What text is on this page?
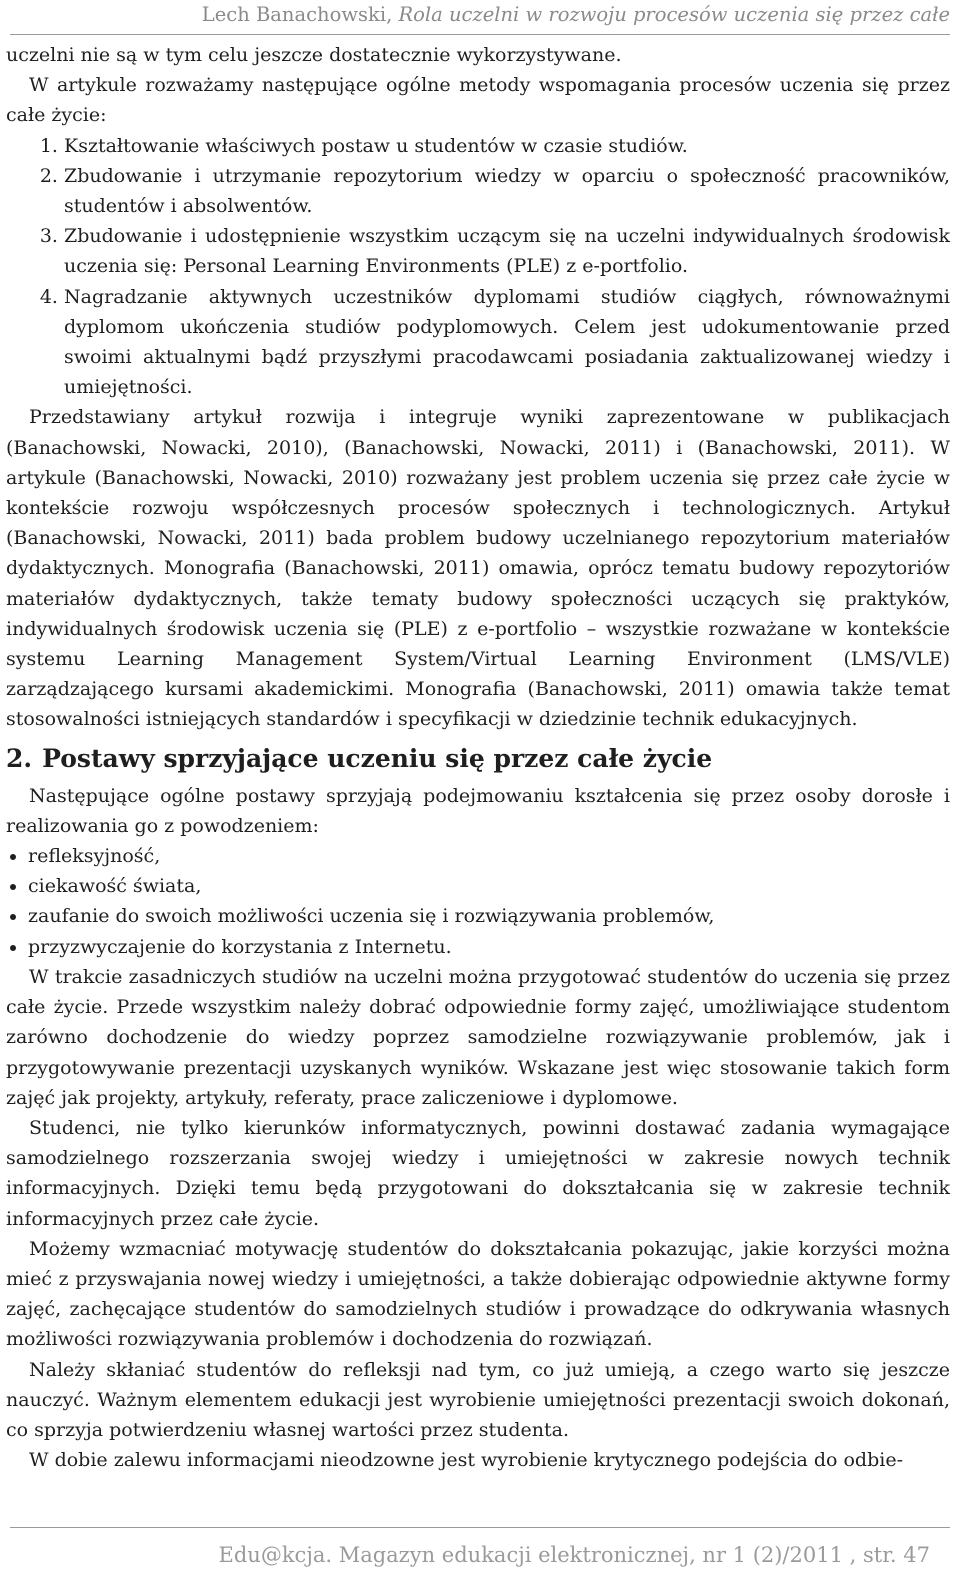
Lech Banachowski, Rola uczelni w rozwoju procesów uczenia się przez całe

uczelni nie są w tym celu jeszcze dostatecznie wykorzystywane.

W artykule rozważamy następujące ogólne metody wspomagania procesów uczenia się przez całe życie:

1. Kształtowanie właściwych postaw u studentów w czasie studiów.
2. Zbudowanie i utrzymanie repozytorium wiedzy w oparciu o społeczność pracowników, studentów i absolwentów.
3. Zbudowanie i udostępnienie wszystkim uczącym się na uczelni indywidualnych środowisk uczenia się: Personal Learning Environments (PLE) z e-portfolio.
4. Nagradzanie aktywnych uczestników dyplomami studiów ciągłych, równoważnymi dyplomom ukończenia studiów podyplomowych. Celem jest udokumentowanie przed swoimi aktualnymi bądź przyszłymi pracodawcami posiadania zaktualizowanej wiedzy i umiejętności.

Przedstawiany artykuł rozwija i integruje wyniki zaprezentowane w publikacjach (Banachowski, Nowacki, 2010), (Banachowski, Nowacki, 2011) i (Banachowski, 2011). W artykule (Banachowski, Nowacki, 2010) rozważany jest problem uczenia się przez całe życie w kontekście rozwoju współczesnych procesów społecznych i technologicznych. Artykuł (Banachowski, Nowacki, 2011) bada problem budowy uczelnianego repozytorium materiałów dydaktycznych. Monografia (Banachowski, 2011) omawia, oprócz tematu budowy repozytoriów materiałów dydaktycznych, także tematy budowy społeczności uczących się praktyków, indywidualnych środowisk uczenia się (PLE) z e-portfolio – wszystkie rozważane w kontekście systemu Learning Management System/Virtual Learning Environment (LMS/VLE) zarządzającego kursami akademickimi. Monografia (Banachowski, 2011) omawia także temat stosowalności istniejących standardów i specyfikacji w dziedzinie technik edukacyjnych.

2. Postawy sprzyjające uczeniu się przez całe życie

Następujące ogólne postawy sprzyjają podejmowaniu kształcenia się przez osoby dorosłe i realizowania go z powodzeniem:

• refleksyjność,
• ciekawość świata,
• zaufanie do swoich możliwości uczenia się i rozwiązywania problemów,
• przyzwyczajenie do korzystania z Internetu.

W trakcie zasadniczych studiów na uczelni można przygotować studentów do uczenia się przez całe życie. Przede wszystkim należy dobrać odpowiednie formy zajęć, umożliwiające studentom zarówno dochodzenie do wiedzy poprzez samodzielne rozwiązywanie problemów, jak i przygotowywanie prezentacji uzyskanych wyników. Wskazane jest więc stosowanie takich form zajęć jak projekty, artykuły, referaty, prace zaliczeniowe i dyplomowe.

Studenci, nie tylko kierunków informatycznych, powinni dostawać zadania wymagające samodzielnego rozszerzania swojej wiedzy i umiejętności w zakresie nowych technik informacyjnych. Dzięki temu będą przygotowani do dokształcania się w zakresie technik informacyjnych przez całe życie.

Możemy wzmacniać motywację studentów do dokształcania pokazując, jakie korzyści można mieć z przyswajania nowej wiedzy i umiejętności, a także dobierając odpowiednie aktywne formy zajęć, zachęcające studentów do samodzielnych studiów i prowadzące do odkrywania własnych możliwości rozwiązywania problemów i dochodzenia do rozwiązań.

Należy skłaniać studentów do refleksji nad tym, co już umieją, a czego warto się jeszcze nauczyć. Ważnym elementem edukacji jest wyrobienie umiejętności prezentacji swoich dokonań, co sprzyja potwierdzeniu własnej wartości przez studenta.

W dobie zalewu informacjami nieodzowne jest wyrobienie krytycznego podejścia do odbie-

Edu@kcja. Magazyn edukacji elektronicznej, nr 1 (2)/2011 , str. 47
